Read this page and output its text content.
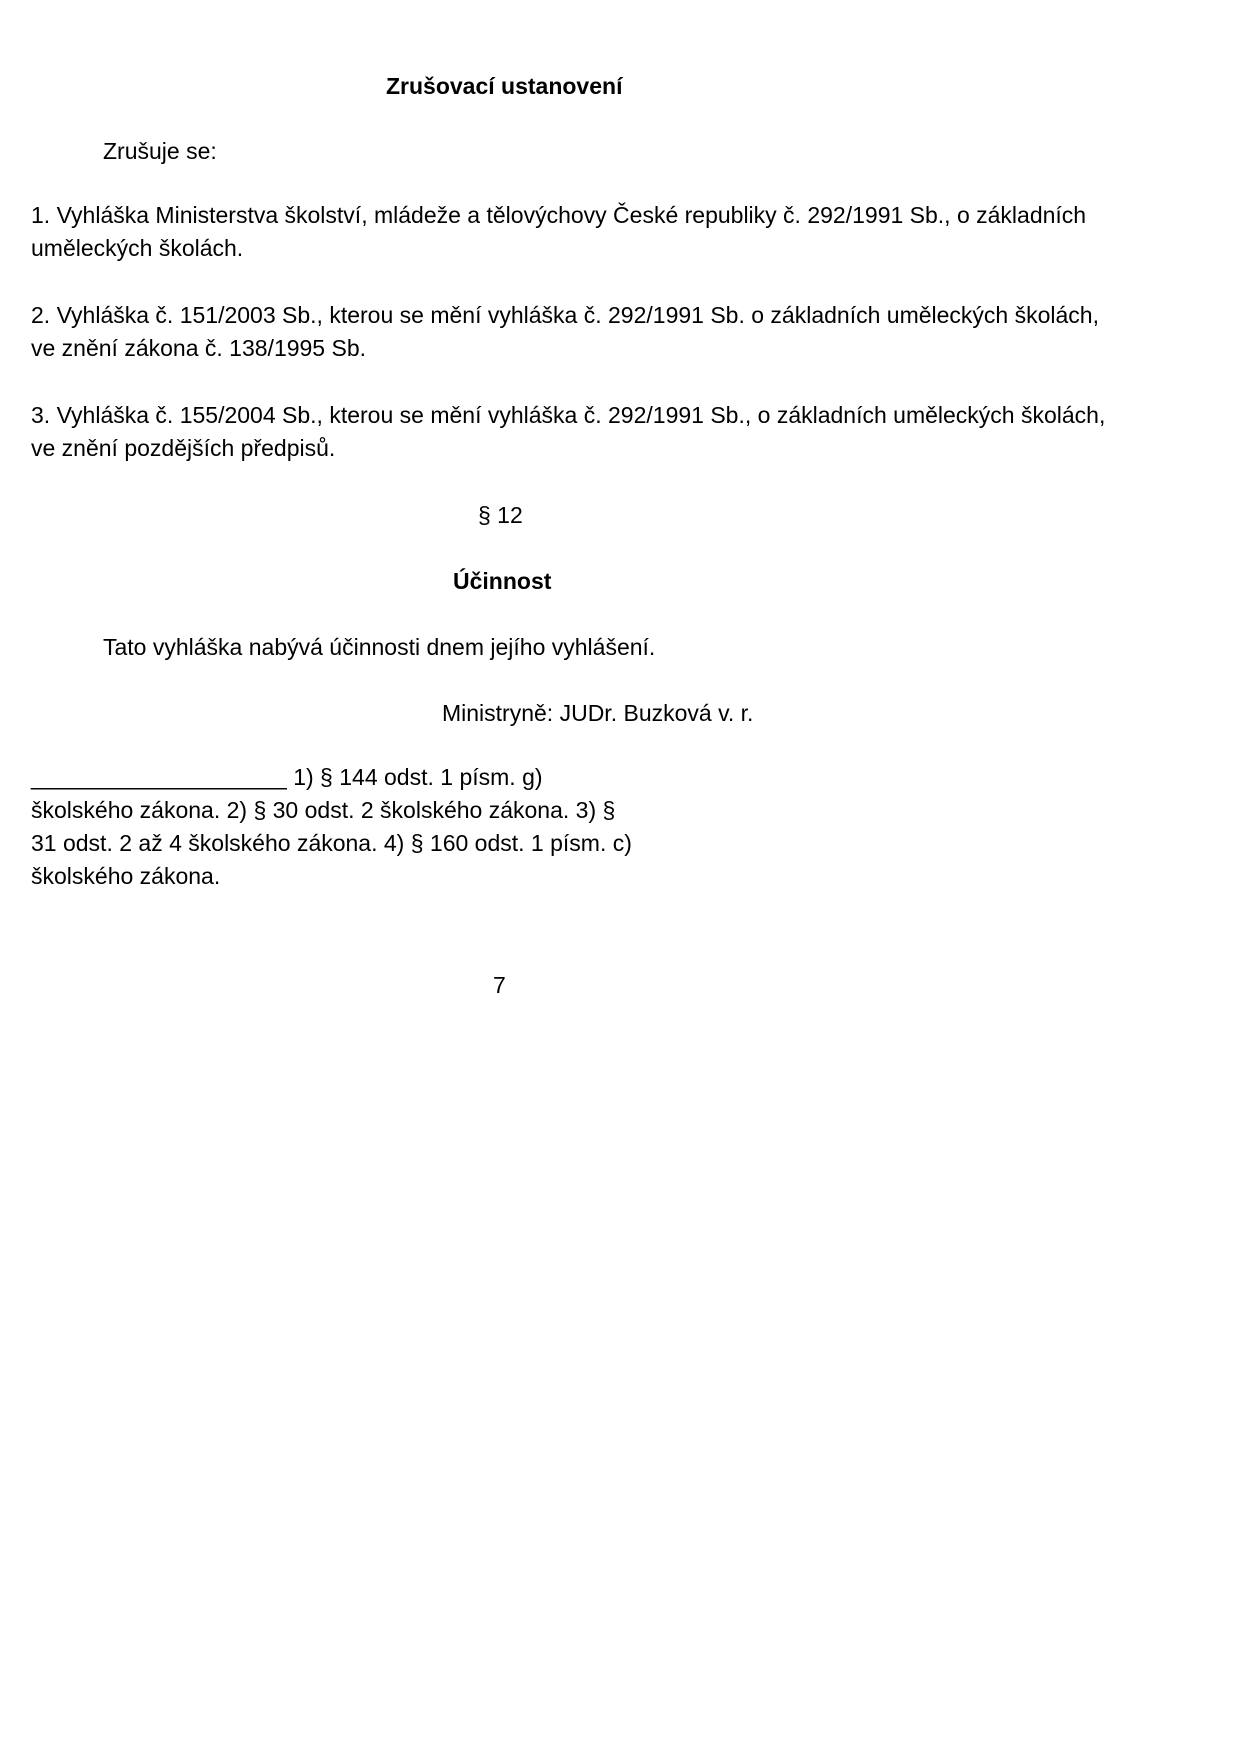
Zrušovací ustanovení
Zrušuje se:
1. Vyhláška Ministerstva školství, mládeže a tělovýchovy České republiky č. 292/1991 Sb., o základních
uměleckých školách.
2. Vyhláška č. 151/2003 Sb., kterou se mění vyhláška č. 292/1991 Sb. o základních uměleckých školách,
ve znění zákona č. 138/1995 Sb.
3. Vyhláška č. 155/2004 Sb., kterou se mění vyhláška č. 292/1991 Sb., o základních uměleckých školách,
ve znění pozdějších předpisů.
§ 12
Účinnost
Tato vyhláška nabývá účinnosti dnem jejího vyhlášení.
Ministryně: JUDr. Buzková v. r.
____________________ 1) § 144 odst. 1 písm. g)
školského zákona. 2) § 30 odst. 2 školského zákona. 3) §
31 odst. 2 až 4 školského zákona. 4) § 160 odst. 1 písm. c)
školského zákona.
7
